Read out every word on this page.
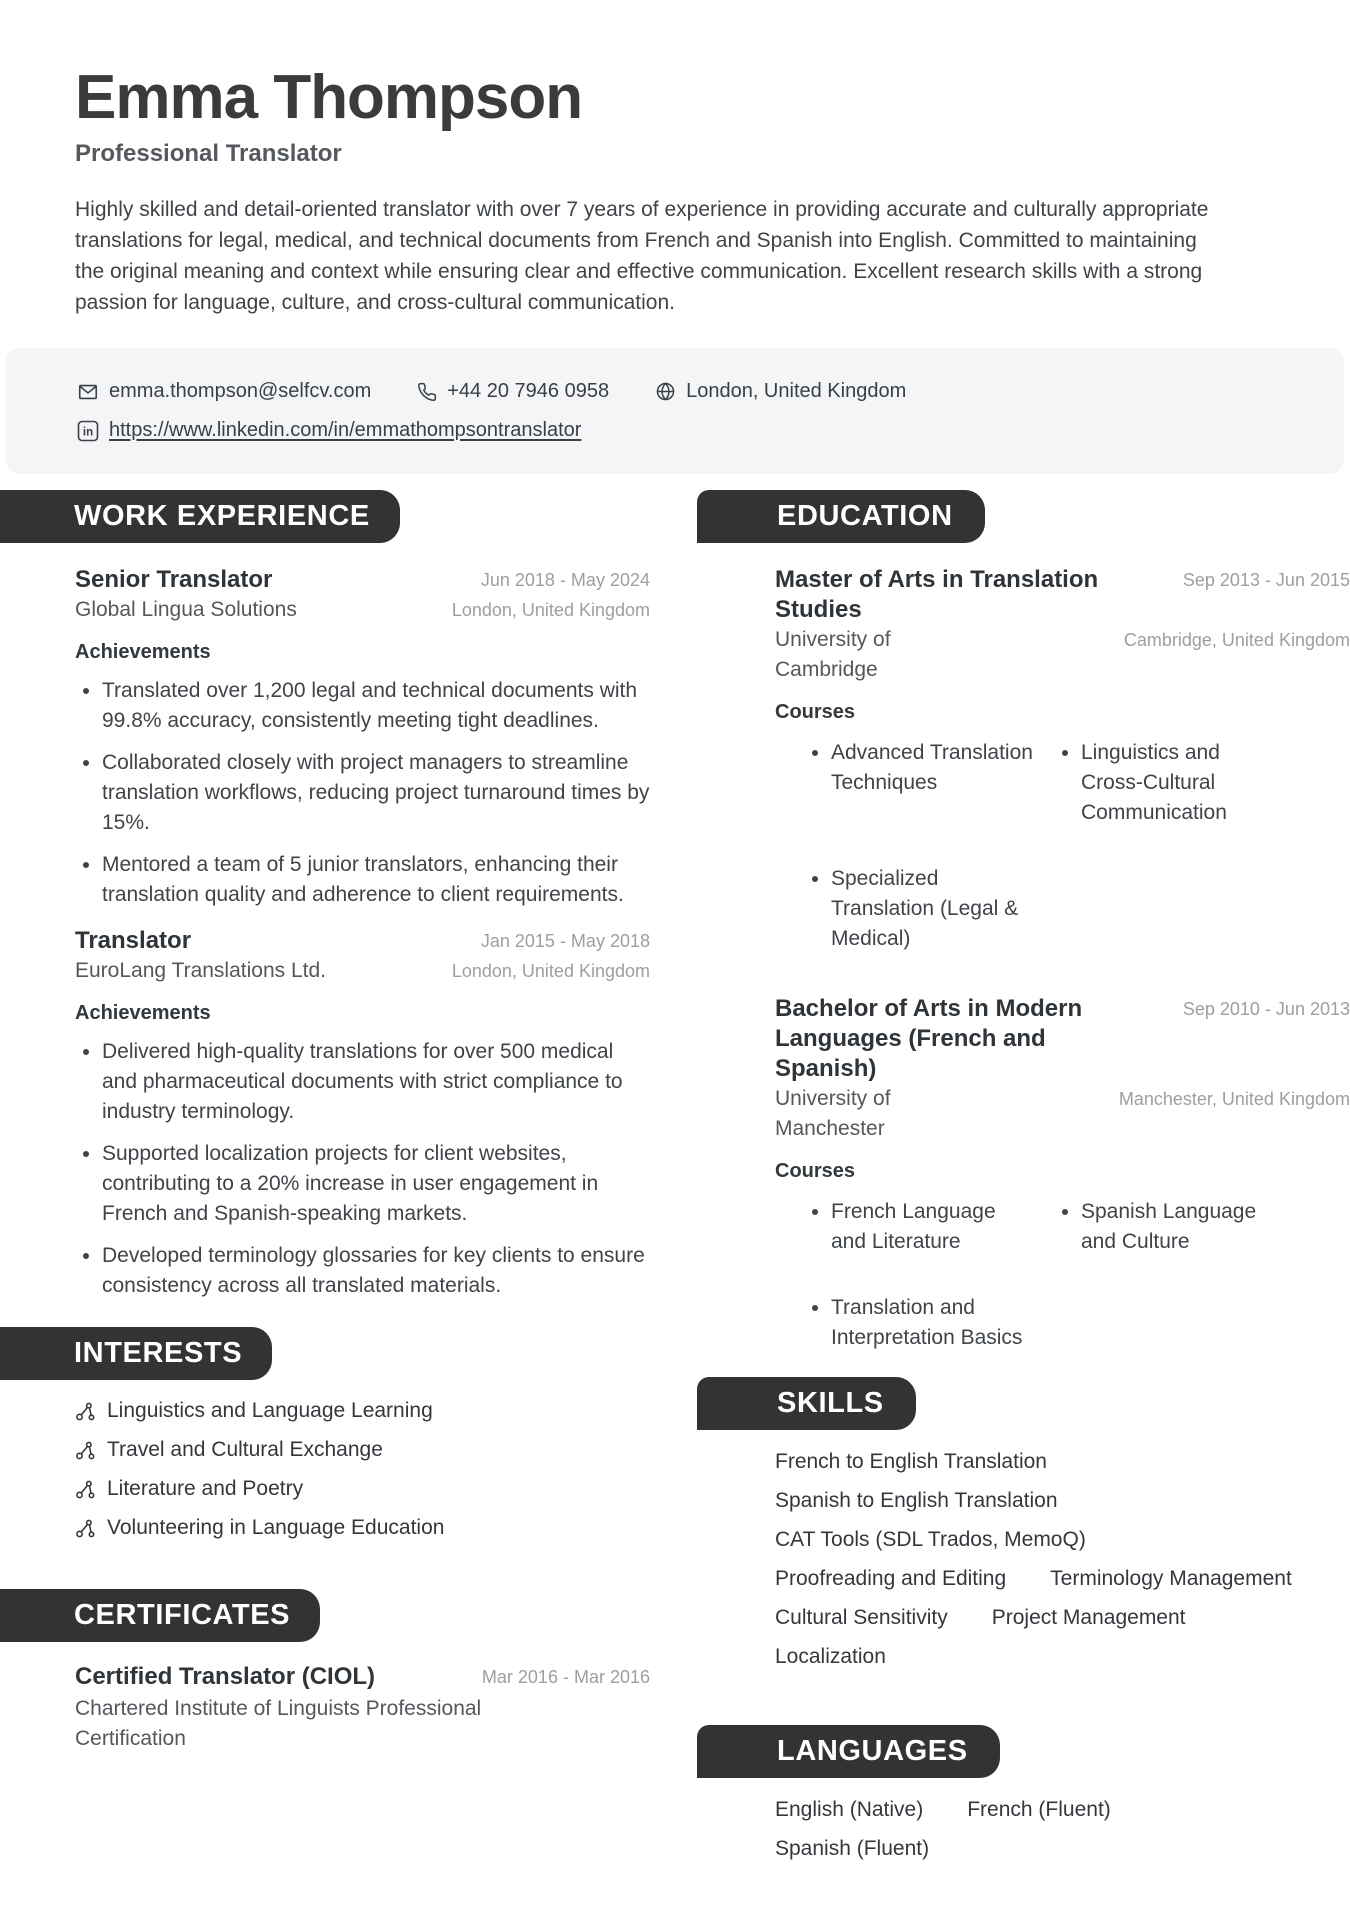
Emma Thompson
Professional Translator

Highly skilled and detail-oriented translator with over 7 years of experience in providing accurate and culturally appropriate translations for legal, medical, and technical documents from French and Spanish into English. Committed to maintaining the original meaning and context while ensuring clear and effective communication. Excellent research skills with a strong passion for language, culture, and cross-cultural communication.

emma.thompson@selfcv.com	+44 20 7946 0958	London, United Kingdom
in https://www.linkedin.com/in/emmathompsontranslator
WORK EXPERIENCE
Senior Translator	Jun 2018 - May 2024
Global Lingua Solutions	London, United Kingdom
Achievements
Translated over 1,200 legal and technical documents with 99.8% accuracy, consistently meeting tight deadlines.
Collaborated closely with project managers to streamline translation workflows, reducing project turnaround times by 15%.
Mentored a team of 5 junior translators, enhancing their translation quality and adherence to client requirements.
Translator	Jan 2015 - May 2018
EuroLang Translations Ltd.	London, United Kingdom
Achievements
Delivered high-quality translations for over 500 medical and pharmaceutical documents with strict compliance to industry terminology.
Supported localization projects for client websites, contributing to a 20% increase in user engagement in French and Spanish-speaking markets.
Developed terminology glossaries for key clients to ensure consistency across all translated materials.
INTERESTS
Linguistics and Language Learning
Travel and Cultural Exchange
Literature and Poetry
Volunteering in Language Education
CERTIFICATES
Certified Translator (CIOL)	Mar 2016 - Mar 2016
Chartered Institute of Linguists Professional Certification
EDUCATION
Master of Arts in Translation Studies
Sep 2013 - Jun 2015
University of Cambridge
Cambridge, United Kingdom
Courses
Advanced Translation Techniques
Linguistics and Cross-Cultural Communication
Specialized Translation (Legal & Medical)
Bachelor of Arts in Modern Languages (French and Spanish)
Sep 2010 - Jun 2013
University of Manchester
Manchester, United Kingdom
Courses
French Language and Literature
Spanish Language and Culture
Translation and Interpretation Basics
SKILLS
French to English Translation
Spanish to English Translation
CAT Tools (SDL Trados, MemoQ)
Proofreading and Editing Terminology Management
Cultural Sensitivity Project Management
Localization
LANGUAGES
English (Native) French (Fluent)
Spanish (Fluent)
